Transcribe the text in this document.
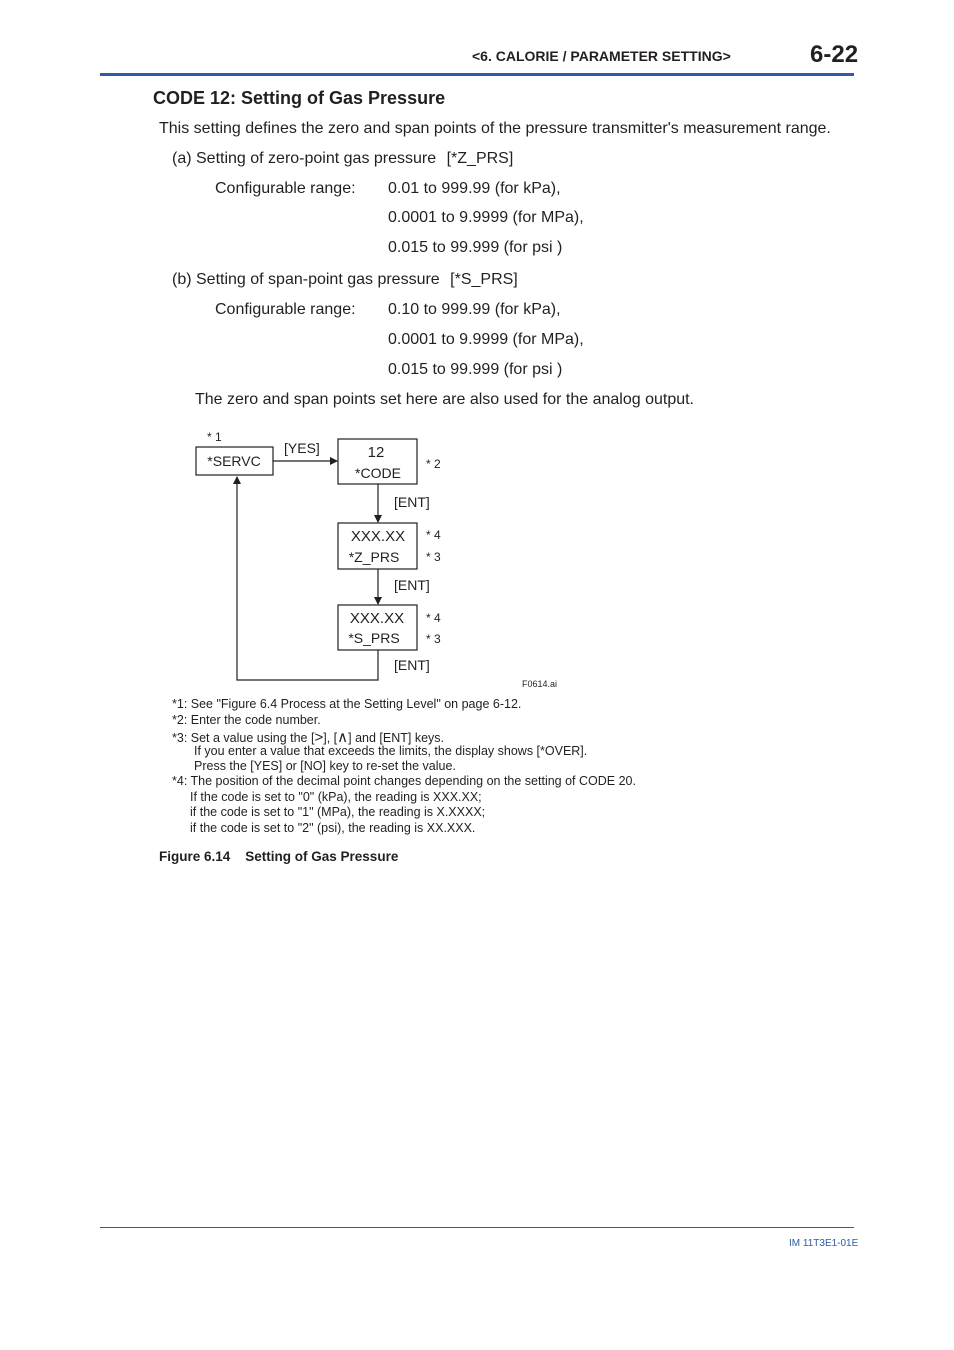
<6. CALORIE / PARAMETER SETTING>	6-22
CODE 12: Setting of Gas Pressure
This setting defines the zero and span points of the pressure transmitter's measurement range.
(a) Setting of zero-point gas pressure [*Z_PRS]
Configurable range: 0.01 to 999.99 (for kPa),
0.0001 to 9.9999 (for MPa),
0.015 to 99.999 (for psi )
(b) Setting of span-point gas pressure [*S_PRS]
Configurable range: 0.10 to 999.99 (for kPa),
0.0001 to 9.9999 (for MPa),
0.015 to 99.999 (for psi )
The zero and span points set here are also used for the analog output.
* 1
*SERVC
[YES]	12
*CODE
* 2
[ENT]
XXX.XX
*Z_PRS
* 4
* 3
[ENT]
XXX.XX
*S_PRS
* 4
* 3
[ENT]
F0614.ai
*1: See "Figure 6.4 Process at the Setting Level" on page 6-12.
*2: Enter the code number.
*3: Set a value using the [>], [∧] and [ENT] keys.
If you enter a value that exceeds the limits, the display shows [*OVER].
Press the [YES] or [NO] key to re-set the value.
*4: The position of the decimal point changes depending on the setting of CODE 20.
If the code is set to "0" (kPa), the reading is XXX.XX;
if the code is set to "1" (MPa), the reading is X.XXXX;
if the code is set to "2" (psi), the reading is XX.XXX.
Figure 6.14    Setting of Gas Pressure
IM 11T3E1-01E
